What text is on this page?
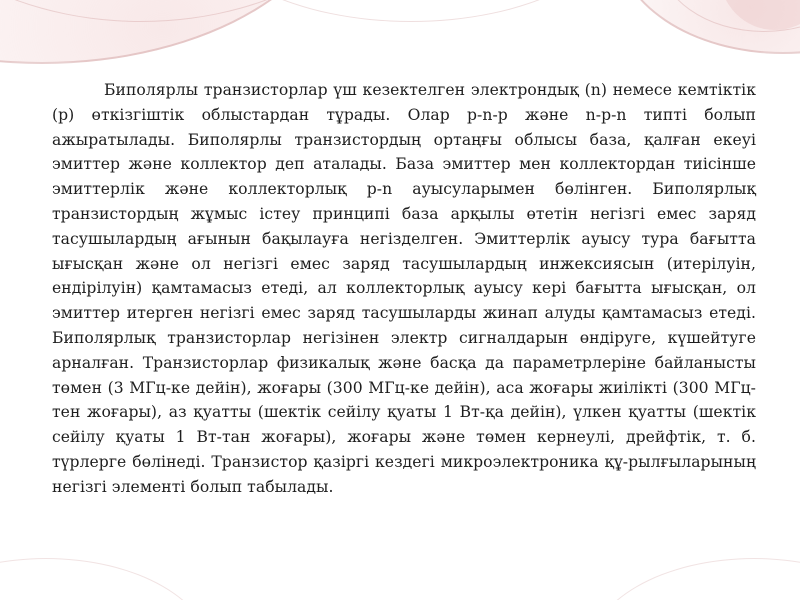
Биполярлы транзисторлар үш кезектелген электрондық (n) немесе кемтіктік (p) өткізгіштік облыстардан тұрады. Олар p-n-p және n-p-n типті болып ажыратылады. Биполярлы транзистордың ортаңғы облысы база, қалған екеуі эмиттер және коллектор деп аталады. База эмиттер мен коллектордан тиісінше эмиттерлік және коллекторлық p-n ауысуларымен бөлінген. Биполярлық транзистордың жұмыс істеу принципі база арқылы өтетін негізгі емес заряд тасушылардың ағынын бақылауға негізделген. Эмиттерлік ауысу тура бағытта ығысқан және ол негізгі емес заряд тасушылардың инжексиясын (итерілуін, ендірілуін) қамтамасыз етеді, ал коллекторлық ауысу кері бағытта ығысқан, ол эмиттер итерген негізгі емес заряд тасушыларды жинап алуды қамтамасыз етеді. Биполярлық транзисторлар негізінен электр сигналдарын өндіруге, күшейтуге арналған. Транзисторлар физикалық және басқа да параметрлеріне байланысты төмен (3 МГц-ке дейін), жоғары (300 МГц-ке дейін), аса жоғары жиілікті (300 МГц-тен жоғары), аз қуатты (шектік сейілу қуаты 1 Вт-қа дейін), үлкен қуатты (шектік сейілу қуаты 1 Вт-тан жоғары), жоғары және төмен кернеулі, дрейфтік, т. б. түрлерге бөлінеді. Транзистор қазіргі кездегі микроэлектроника құ-рылғыларының негізгі элементі болып табылады.
